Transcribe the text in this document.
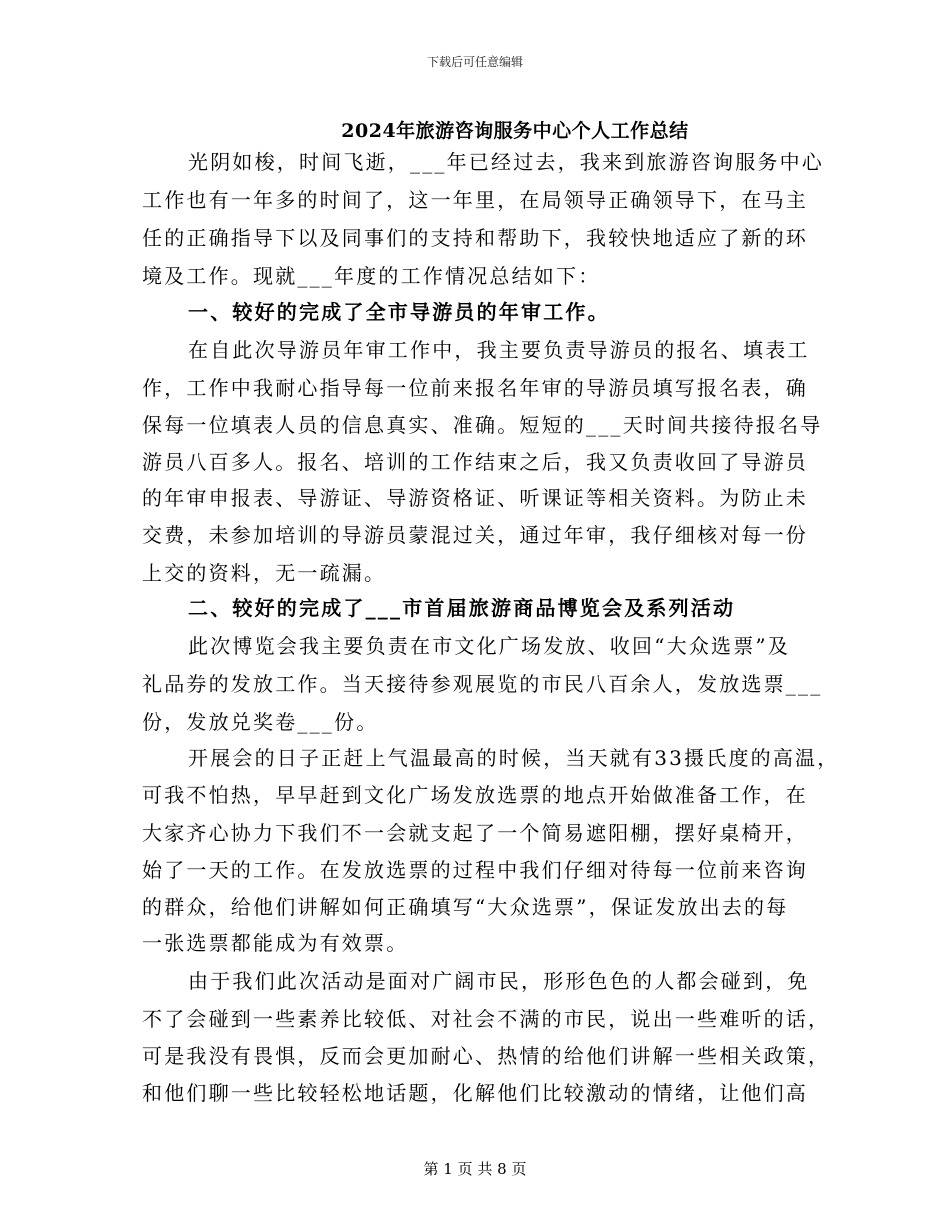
下载后可任意编辑
2024年旅游咨询服务中心个人工作总结
光阴如梭，时间飞逝，___年已经过去，我来到旅游咨询服务中心
工作也有一年多的时间了，这一年里，在局领导正确领导下，在马主
任的正确指导下以及同事们的支持和帮助下，我较快地适应了新的环
境及工作。现就___年度的工作情况总结如下：
一、较好的完成了全市导游员的年审工作。
在自此次导游员年审工作中，我主要负责导游员的报名、填表工
作，工作中我耐心指导每一位前来报名年审的导游员填写报名表，确
保每一位填表人员的信息真实、准确。短短的___天时间共接待报名导
游员八百多人。报名、培训的工作结束之后，我又负责收回了导游员
的年审申报表、导游证、导游资格证、听课证等相关资料。为防止未
交费，未参加培训的导游员蒙混过关，通过年审，我仔细核对每一份
上交的资料，无一疏漏。
二、较好的完成了___市首届旅游商品博览会及系列活动
此次博览会我主要负责在市文化广场发放、收回“大众选票”及
礼品券的发放工作。当天接待参观展览的市民八百余人，发放选票___
份，发放兑奖卷___份。
开展会的日子正赶上气温最高的时候，当天就有33摄氏度的高温，
可我不怕热，早早赶到文化广场发放选票的地点开始做准备工作，在
大家齐心协力下我们不一会就支起了一个简易遮阳棚，摆好桌椅开，
始了一天的工作。在发放选票的过程中我们仔细对待每一位前来咨询
的群众，给他们讲解如何正确填写“大众选票”，保证发放出去的每
一张选票都能成为有效票。
由于我们此次活动是面对广阔市民，形形色色的人都会碰到，免
不了会碰到一些素养比较低、对社会不满的市民，说出一些难听的话，
可是我没有畏惧，反而会更加耐心、热情的给他们讲解一些相关政策，
和他们聊一些比较轻松地话题，化解他们比较激动的情绪，让他们高
第 1 页 共 8 页
